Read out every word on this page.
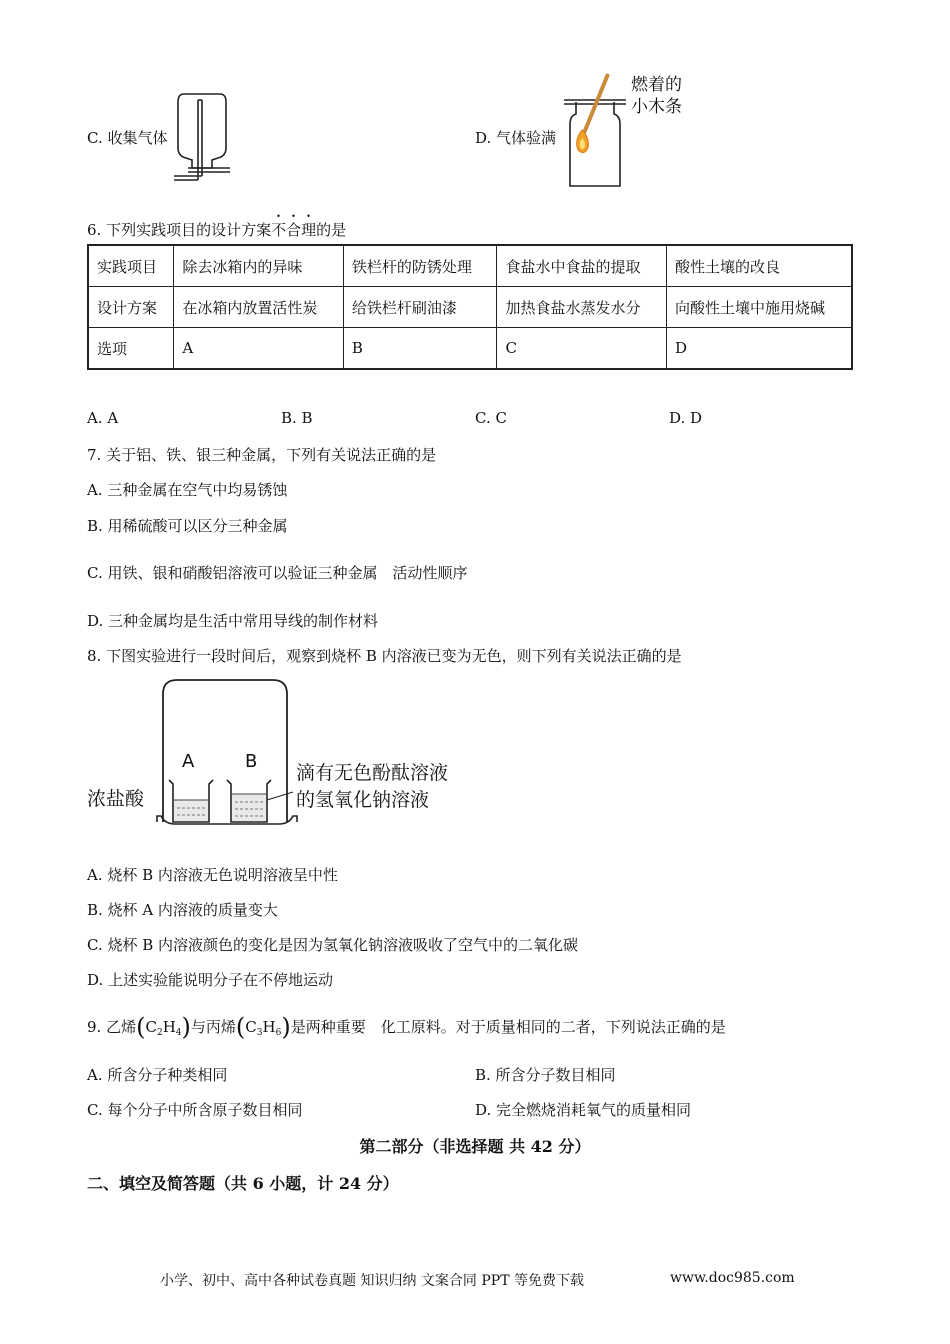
C. 收集气体	D. 气体验满
燃着的
小木条
6. 下列实践项目的设计方案不合理的是
实践项目	除去冰箱内的异味	铁栏杆的防锈处理	食盐水中食盐的提取	酸性土壤的改良
设计方案	在冰箱内放置活性炭	给铁栏杆刷油漆	加热食盐水蒸发水分	向酸性土壤中施用烧碱
选项	A	B	C	D
A. A	B. B	C. C	D. D
7. 关于铝、铁、银三种金属，下列有关说法正确的是
A. 三种金属在空气中均易锈蚀
B. 用稀硫酸可以区分三种金属
C. 用铁、银和硝酸铝溶液可以验证三种金属　活动性顺序
D. 三种金属均是生活中常用导线的制作材料
8. 下图实验进行一段时间后，观察到烧杯 B 内溶液已变为无色，则下列有关说法正确的是
A	B
浓盐酸
滴有无色酚酞溶液
的氢氧化钠溶液
A. 烧杯 B 内溶液无色说明溶液呈中性
B. 烧杯 A 内溶液的质量变大
C. 烧杯 B 内溶液颜色的变化是因为氢氧化钠溶液吸收了空气中的二氧化碳
D. 上述实验能说明分子在不停地运动
9. 乙烯$(C_2H_4)$与丙烯$(C_3H_6)$是两种重要　化工原料。对于质量相同的二者，下列说法正确的是
A. 所含分子种类相同	B. 所含分子数目相同
C. 每个分子中所含原子数目相同	D. 完全燃烧消耗氧气的质量相同
第二部分（非选择题 共 42 分）
二、填空及简答题（共 6 小题，计 24 分）
小学、初中、高中各种试卷真题 知识归纳 文案合同 PPT 等免费下载	www.doc985.com
